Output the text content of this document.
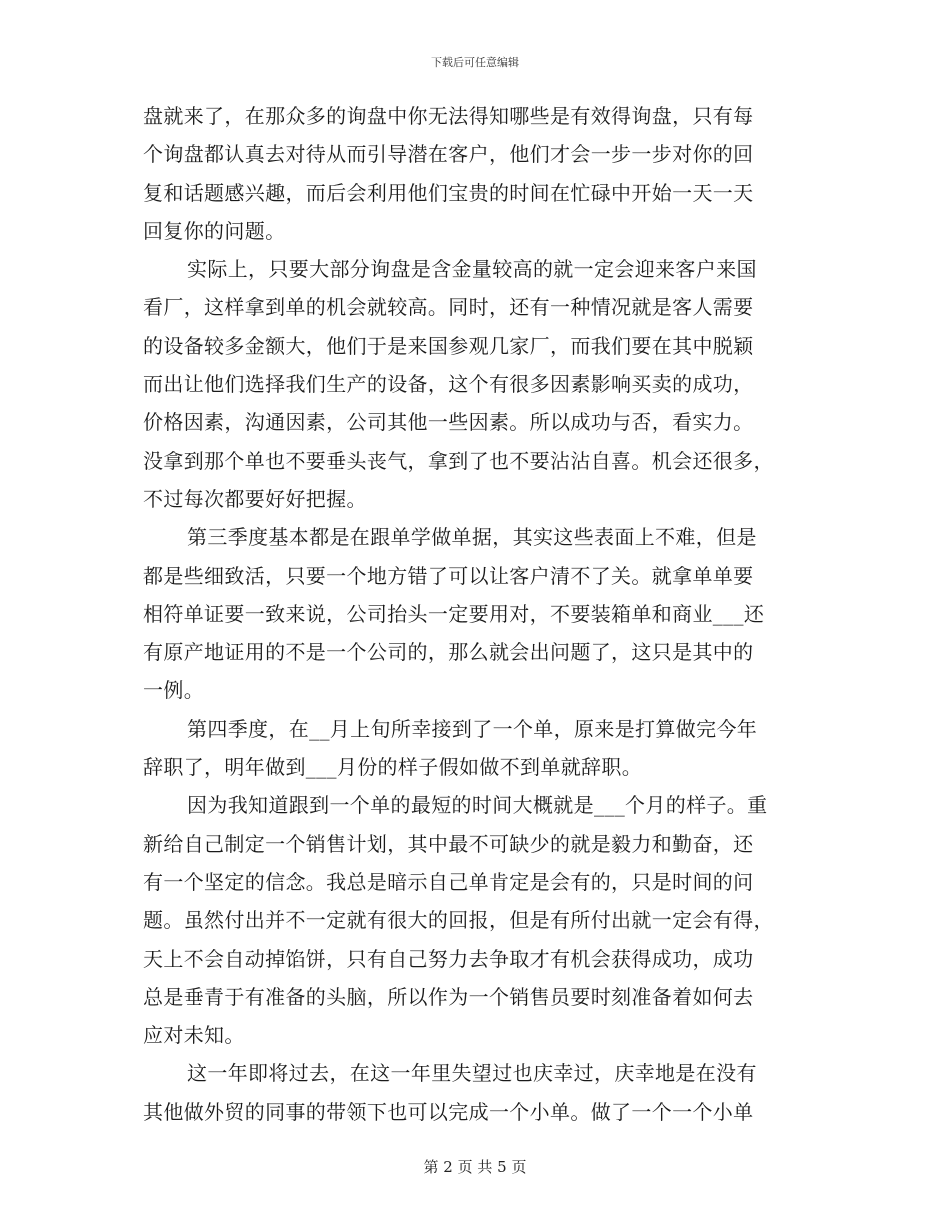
下载后可任意编辑
盘就来了，在那众多的询盘中你无法得知哪些是有效得询盘，只有每
个询盘都认真去对待从而引导潜在客户，他们才会一步一步对你的回
复和话题感兴趣，而后会利用他们宝贵的时间在忙碌中开始一天一天
回复你的问题。
实际上，只要大部分询盘是含金量较高的就一定会迎来客户来国
看厂，这样拿到单的机会就较高。同时，还有一种情况就是客人需要
的设备较多金额大，他们于是来国参观几家厂，而我们要在其中脱颖
而出让他们选择我们生产的设备，这个有很多因素影响买卖的成功，
价格因素，沟通因素，公司其他一些因素。所以成功与否，看实力。
没拿到那个单也不要垂头丧气，拿到了也不要沾沾自喜。机会还很多，
不过每次都要好好把握。
第三季度基本都是在跟单学做单据，其实这些表面上不难，但是
都是些细致活，只要一个地方错了可以让客户清不了关。就拿单单要
相符单证要一致来说，公司抬头一定要用对，不要装箱单和商业___还
有原产地证用的不是一个公司的，那么就会出问题了，这只是其中的
一例。
第四季度，在__月上旬所幸接到了一个单，原来是打算做完今年
辞职了，明年做到___月份的样子假如做不到单就辞职。
因为我知道跟到一个单的最短的时间大概就是___个月的样子。重
新给自己制定一个销售计划，其中最不可缺少的就是毅力和勤奋，还
有一个坚定的信念。我总是暗示自己单肯定是会有的，只是时间的问
题。虽然付出并不一定就有很大的回报，但是有所付出就一定会有得，
天上不会自动掉馅饼，只有自己努力去争取才有机会获得成功，成功
总是垂青于有准备的头脑，所以作为一个销售员要时刻准备着如何去
应对未知。
这一年即将过去，在这一年里失望过也庆幸过，庆幸地是在没有
其他做外贸的同事的带领下也可以完成一个小单。做了一个一个小单
第 2 页 共 5 页
